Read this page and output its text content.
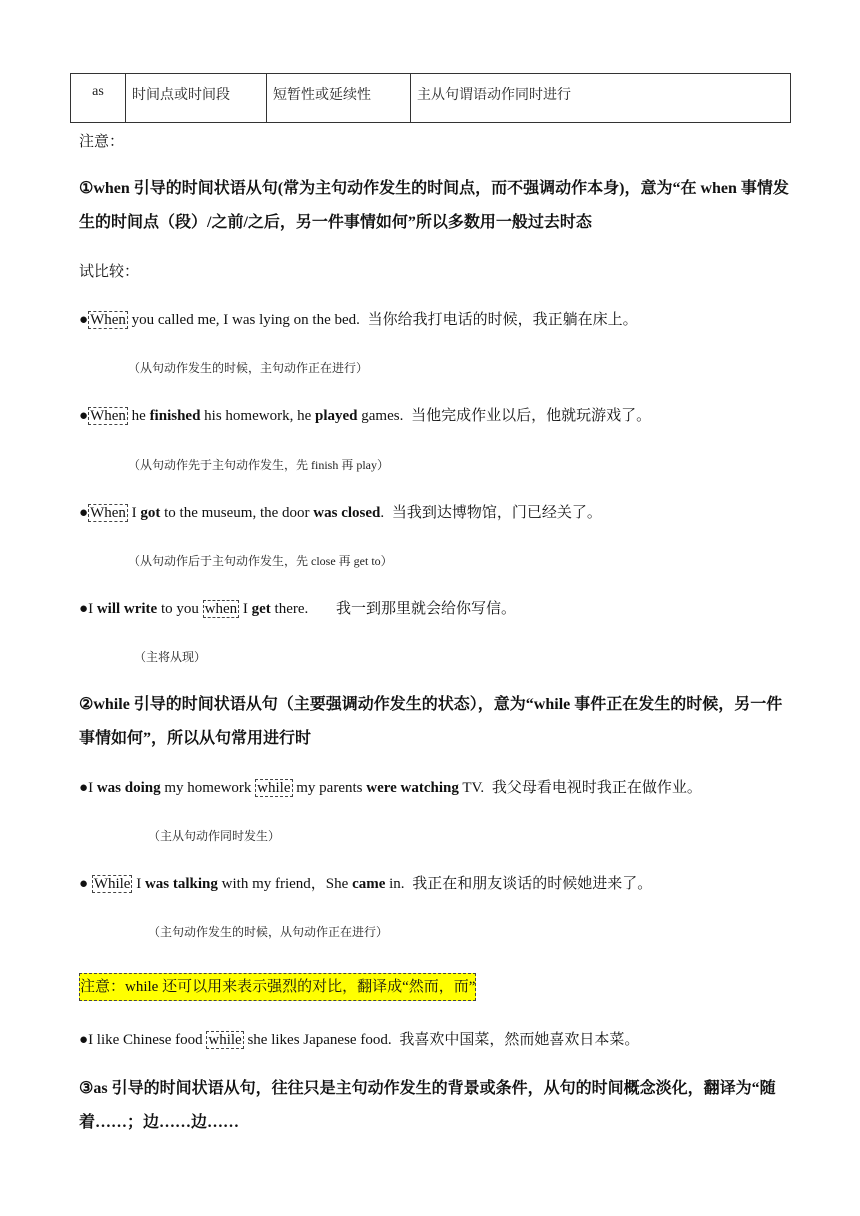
as	时间点或时间段	短暂性或延续性	主从句谓语动作同时进行
注意：
①when 引导的时间状语从句(常为主句动作发生的时间点，而不强调动作本身)，意为“在 when 事情发生的时间点（段）/之前/之后，另一件事情如何”所以多数用一般过去时态
试比较：
● When you called me, I was lying on the bed. 当你给我打电话的时候，我正躺在床上。
（从句动作发生的时候，主句动作正在进行）
● When he finished his homework, he played games. 当他完成作业以后，他就玩游戏了。
（从句动作先于主句动作发生，先 finish 再 play）
● When I got to the museum, the door was closed. 当我到达博物馆，门已经关了。
（从句动作后于主句动作发生，先 close 再 get to）
●I will write to you when I get there. 我一到那里就会给你写信。
（主将从现）
②while 引导的时间状语从句（主要强调动作发生的状态），意为“while 事件正在发生的时候，另一件事情如何”，所以从句常用进行时
●I was doing my homework while my parents were watching TV. 我父母看电视时我正在做作业。
（主从句动作同时发生）
● While I was talking with my friend，She came in. 我正在和朋友谈话的时候她进来了。
（主句动作发生的时候，从句动作正在进行）
注意：while 还可以用来表示强烈的对比，翻译成“然而，而”
●I like Chinese food while she likes Japanese food. 我喜欢中国菜，然而她喜欢日本菜。
③as 引导的时间状语从句，往往只是主句动作发生的背景或条件，从句的时间概念淡化，翻译为“随着……；边……边……
